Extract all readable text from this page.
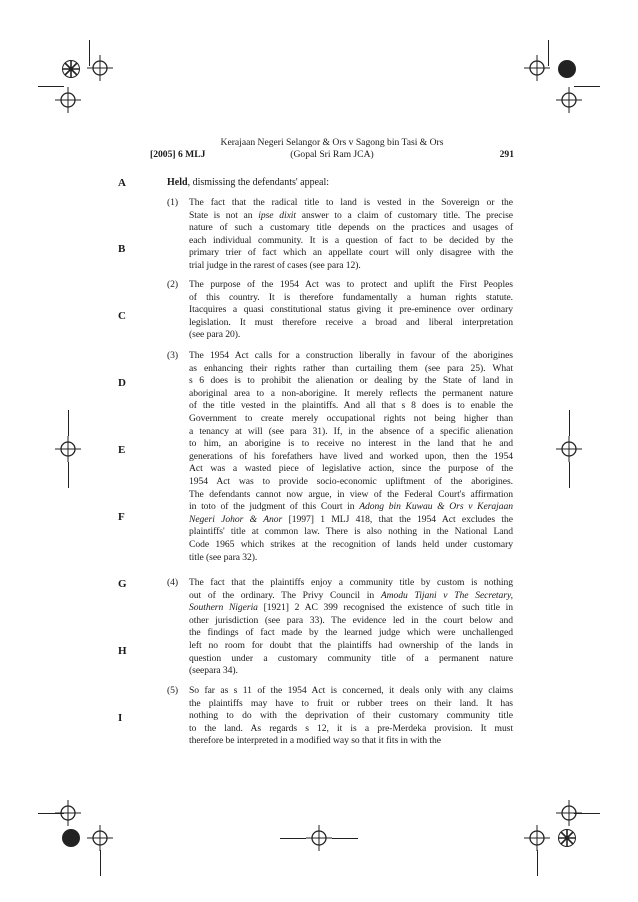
Kerajaan Negeri Selangor & Ors v Sagong bin Tasi & Ors
(Gopal Sri Ram JCA)
[2005] 6 MLJ	291
A
B
C
D
E
F
G
H
I
Held, dismissing the defendants' appeal:
(1)	The fact that the radical title to land is vested in the Sovereign or the
State is not an ipse dixit answer to a claim of customary title. The precise
nature of such a customary title depends on the practices and usages of
each individual community. It is a question of fact to be decided by the
primary trier of fact which an appellate court will only disagree with the
trial judge in the rarest of cases (see para 12).
(2)	The purpose of the 1954 Act was to protect and uplift the First Peoples
of this country. It is therefore fundamentally a human rights statute.
Itacquires a quasi constitutional status giving it pre-eminence over ordinary
legislation. It must therefore receive a broad and liberal interpretation
(see para 20).
(3)	The 1954 Act calls for a construction liberally in favour of the aborigines
as enhancing their rights rather than curtailing them (see para 25). What
s 6 does is to prohibit the alienation or dealing by the State of land in
aboriginal area to a non-aborigine. It merely reflects the permanent nature
of the title vested in the plaintiffs. And all that s 8 does is to enable the
Government to create merely occupational rights not being higher than
a tenancy at will (see para 31). If, in the absence of a specific alienation
to him, an aborigine is to receive no interest in the land that he and
generations of his forefathers have lived and worked upon, then the 1954
Act was a wasted piece of legislative action, since the purpose of the
1954 Act was to provide socio-economic upliftment of the aborigines.
The defendants cannot now argue, in view of the Federal Court's affirmation
in toto of the judgment of this Court in Adong bin Kuwau & Ors v Kerajaan
Negeri Johor & Anor [1997] 1 MLJ 418, that the 1954 Act excludes the
plaintiffs' title at common law. There is also nothing in the National Land
Code 1965 which strikes at the recognition of lands held under customary
title (see para 32).
(4)	The fact that the plaintiffs enjoy a community title by custom is nothing
out of the ordinary. The Privy Council in Amodu Tijani v The Secretary,
Southern Nigeria [1921] 2 AC 399 recognised the existence of such title in
other jurisdiction (see para 33). The evidence led in the court below and
the findings of fact made by the learned judge which were unchallenged
left no room for doubt that the plaintiffs had ownership of the lands in
question under a customary community title of a permanent nature
(seepara 34).
(5)	So far as s 11 of the 1954 Act is concerned, it deals only with any claims
the plaintiffs may have to fruit or rubber trees on their land. It has
nothing to do with the deprivation of their customary community title
to the land. As regards s 12, it is a pre-Merdeka provision. It must
therefore be interpreted in a modified way so that it fits in with the
